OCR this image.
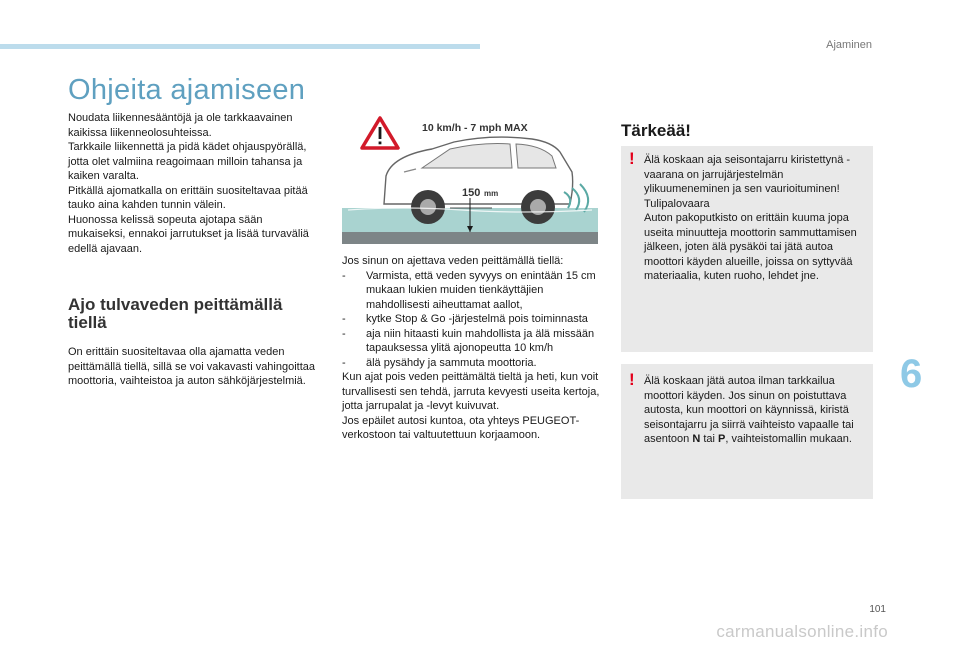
Ajaminen
6
101
carmanualsonline.info
Ohjeita ajamiseen

Noudata liikennesääntöjä ja ole tarkkaavainen kaikissa liikenneolosuhteissa.

Tarkkaile liikennettä ja pidä kädet ohjauspyörällä, jotta olet valmiina reagoimaan milloin tahansa ja kaiken varalta.

Pitkällä ajomatkalla on erittäin suositeltavaa pitää tauko aina kahden tunnin välein.

Huonossa kelissä sopeuta ajotapa sään mukaiseksi, ennakoi jarrutukset ja lisää turvaväliä edellä ajavaan.

Ajo tulvaveden peittämällä tiellä
On erittäin suositeltavaa olla ajamatta veden peittämällä tiellä, sillä se voi vakavasti vahingoittaa moottoria, vaihteistoa ja auton sähköjärjestelmiä.
10 km/h - 7 mph MAX
150 mm

Jos sinun on ajettava veden peittämällä tiellä:

-	Varmista, että veden syvyys on enintään 15 cm mukaan lukien muiden tienkäyttäjien mahdollisesti aiheuttamat aallot,
-	kytke Stop & Go -järjestelmä pois toiminnasta
-	aja niin hitaasti kuin mahdollista ja älä missään tapauksessa ylitä ajonopeutta 10 km/h
-	älä pysähdy ja sammuta moottoria.

Kun ajat pois veden peittämältä tieltä ja heti, kun voit turvallisesti sen tehdä, jarruta kevyesti useita kertoja, jotta jarrupalat ja -levyt kuivuvat.

Jos epäilet autosi kuntoa, ota yhteys PEUGEOT-verkostoon tai valtuutettuun korjaamoon.

Tärkeää!
! Älä koskaan aja seisontajarru kiristettynä - vaarana on jarrujärjestelmän ylikuumeneminen ja sen vaurioituminen!

Tulipalovaara

Auton pakoputkisto on erittäin kuuma jopa useita minuutteja moottorin sammuttamisen jälkeen, joten älä pysäköi tai jätä autoa moottori käyden alueille, joissa on syttyvää materiaalia, kuten ruoho, lehdet jne.

! Älä koskaan jätä autoa ilman tarkkailua moottori käyden. Jos sinun on poistuttava autosta, kun moottori on käynnissä, kiristä seisontajarru ja siirrä vaihteisto vapaalle tai asentoon N tai P, vaihteistomallin mukaan.
